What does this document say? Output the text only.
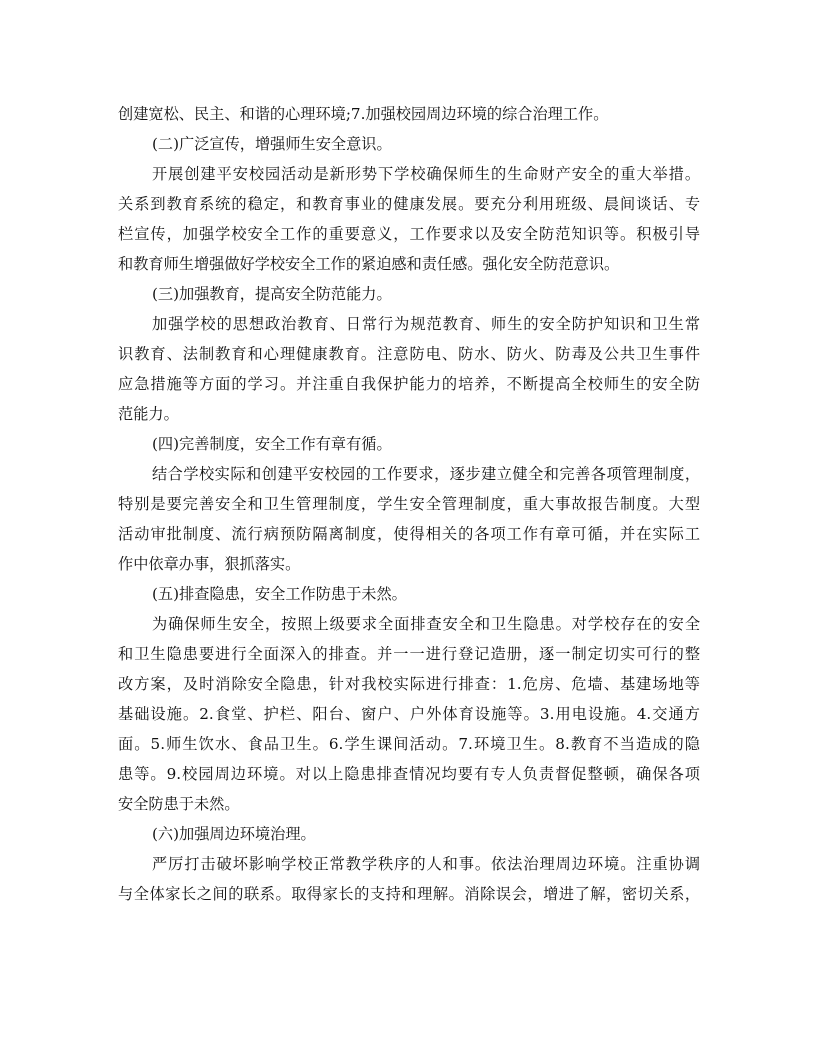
创建宽松、民主、和谐的心理环境;7.加强校园周边环境的综合治理工作。
(二)广泛宣传，增强师生安全意识。
开展创建平安校园活动是新形势下学校确保师生的生命财产安全的重大举措。
关系到教育系统的稳定，和教育事业的健康发展。要充分利用班级、晨间谈话、专
栏宣传，加强学校安全工作的重要意义，工作要求以及安全防范知识等。积极引导
和教育师生增强做好学校安全工作的紧迫感和责任感。强化安全防范意识。
(三)加强教育，提高安全防范能力。
加强学校的思想政治教育、日常行为规范教育、师生的安全防护知识和卫生常
识教育、法制教育和心理健康教育。注意防电、防水、防火、防毒及公共卫生事件
应急措施等方面的学习。并注重自我保护能力的培养，不断提高全校师生的安全防
范能力。
(四)完善制度，安全工作有章有循。
结合学校实际和创建平安校园的工作要求，逐步建立健全和完善各项管理制度，
特别是要完善安全和卫生管理制度，学生安全管理制度，重大事故报告制度。大型
活动审批制度、流行病预防隔离制度，使得相关的各项工作有章可循，并在实际工
作中依章办事，狠抓落实。
(五)排查隐患，安全工作防患于未然。
为确保师生安全，按照上级要求全面排查安全和卫生隐患。对学校存在的安全
和卫生隐患要进行全面深入的排查。并一一进行登记造册，逐一制定切实可行的整
改方案，及时消除安全隐患，针对我校实际进行排查：1.危房、危墙、基建场地等
基础设施。2.食堂、护栏、阳台、窗户、户外体育设施等。3.用电设施。4.交通方
面。5.师生饮水、食品卫生。6.学生课间活动。7.环境卫生。8.教育不当造成的隐
患等。9.校园周边环境。对以上隐患排查情况均要有专人负责督促整顿，确保各项
安全防患于未然。
(六)加强周边环境治理。
严厉打击破坏影响学校正常教学秩序的人和事。依法治理周边环境。注重协调
与全体家长之间的联系。取得家长的支持和理解。消除误会，增进了解，密切关系，
